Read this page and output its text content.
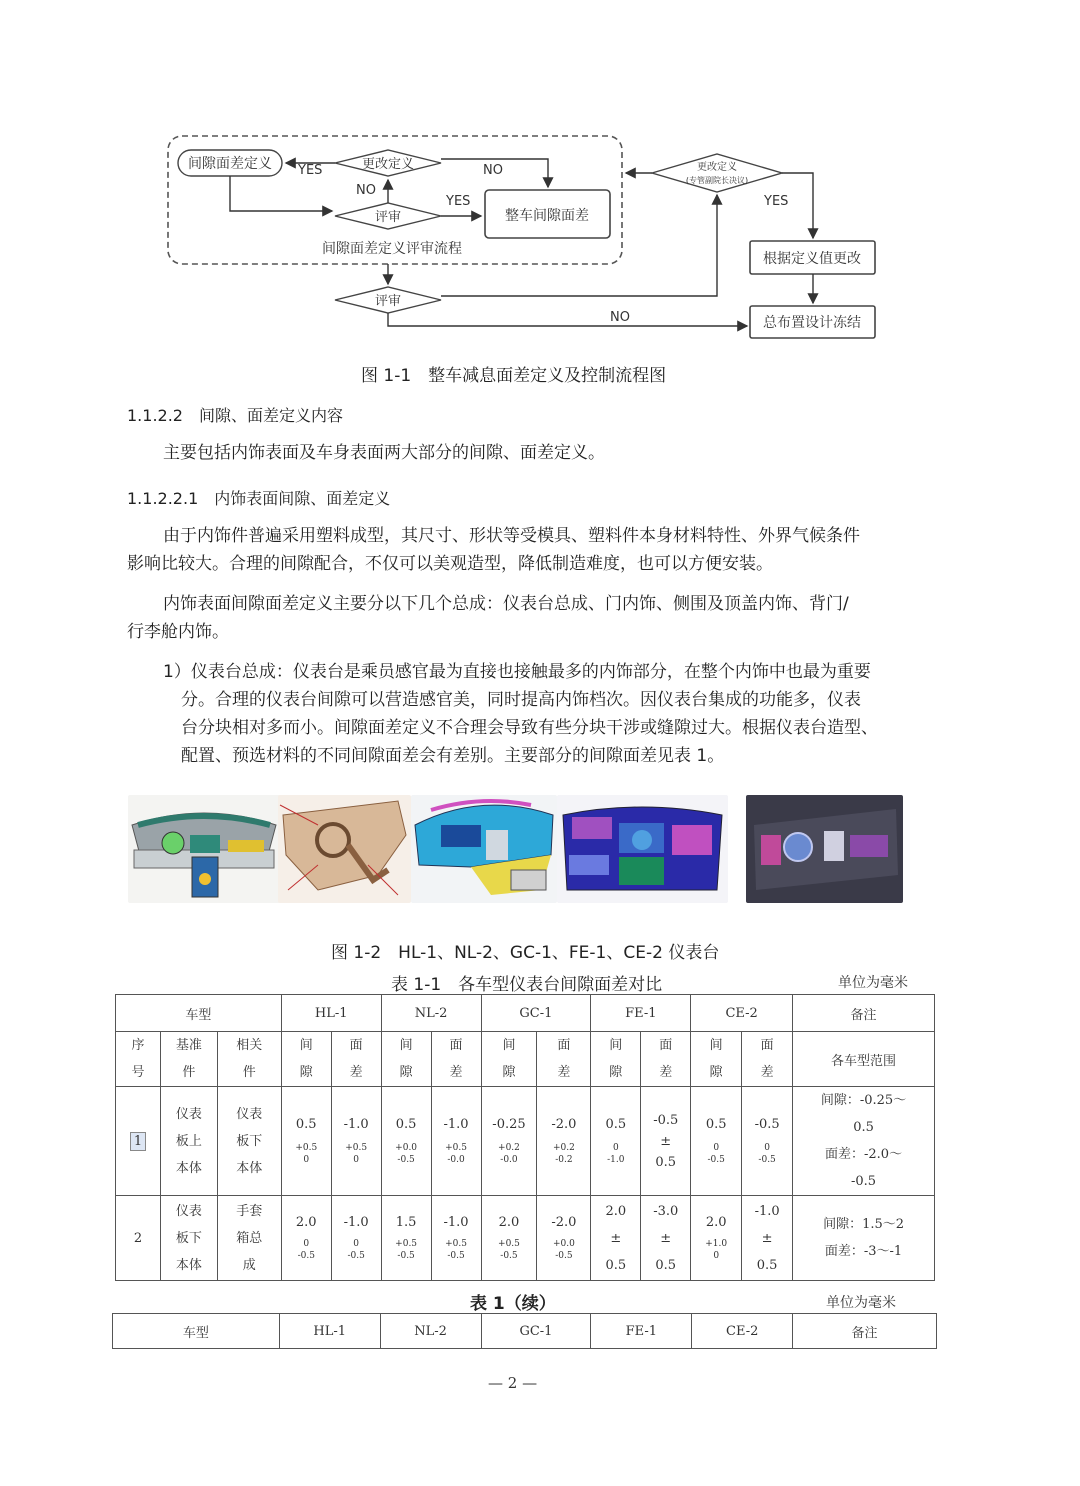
间隙面差定义	更改定义
评审	整车间隙面差
间隙面差定义评审流程
更改定义
(专管副院长决议)
根据定义值更改
评审
总布置设计冻结
YES	NO
NO
YES	YES
NO
图 1-1　整车减息面差定义及控制流程图
1.1.2.2　间隙、面差定义内容
主要包括内饰表面及车身表面两大部分的间隙、面差定义。
1.1.2.2.1　内饰表面间隙、面差定义
由于内饰件普遍采用塑料成型，其尺寸、形状等受模具、塑料件本身材料特性、外界气候条件
影响比较大。合理的间隙配合，不仅可以美观造型，降低制造难度，也可以方便安装。
内饰表面间隙面差定义主要分以下几个总成：仪表台总成、门内饰、侧围及顶盖内饰、背门/
行李舱内饰。
1）仪表台总成：仪表台是乘员感官最为直接也接触最多的内饰部分，在整个内饰中也最为重要
分。合理的仪表台间隙可以营造感官美，同时提高内饰档次。因仪表台集成的功能多，仪表
台分块相对多而小。间隙面差定义不合理会导致有些分块干涉或缝隙过大。根据仪表台造型、
配置、预选材料的不同间隙面差会有差别。主要部分的间隙面差见表 1。
图 1-2　HL-1、NL-2、GC-1、FE-1、CE-2 仪表台
表 1-1　各车型仪表台间隙面差对比	单位为毫米
车型			HL-1		NL-2		GC-1		FE-1		CE-2		备注
序号	基准件	相关件	间隙	面差	间隙	面差	间隙	面差	间隙	面差	间隙	面差	各车型范围
1	仪表板上本体	仪表板下本体	0.5
+0.5
0	-1.0
+0.5
0	0.5
+0.0
-0.5	-1.0
+0.5
-0.0	-0.25
+0.2
-0.0	-2.0
+0.2
-0.2	0.5
0
-1.0	-0.5
±
0.5	0.5
0
-0.5	-0.5
0
-0.5	间隙：-0.25～
0.5
面差：-2.0～
-0.5

2	仪表板下本体	手套箱总成	2.0
0
-0.5	-1.0
0
-0.5	1.5
+0.5
-0.5	-1.0
+0.5
-0.5	2.0
+0.5
-0.5	-2.0
+0.0
-0.5	2.0
±
0.5	-3.0
±
0.5	2.0
+1.0
0	-1.0
±
0.5	间隙：1.5～2
面差：-3～-1
表 1（续）	单位为毫米
车型	HL-1	NL-2	GC-1	FE-1	CE-2	备注
— 2 —
